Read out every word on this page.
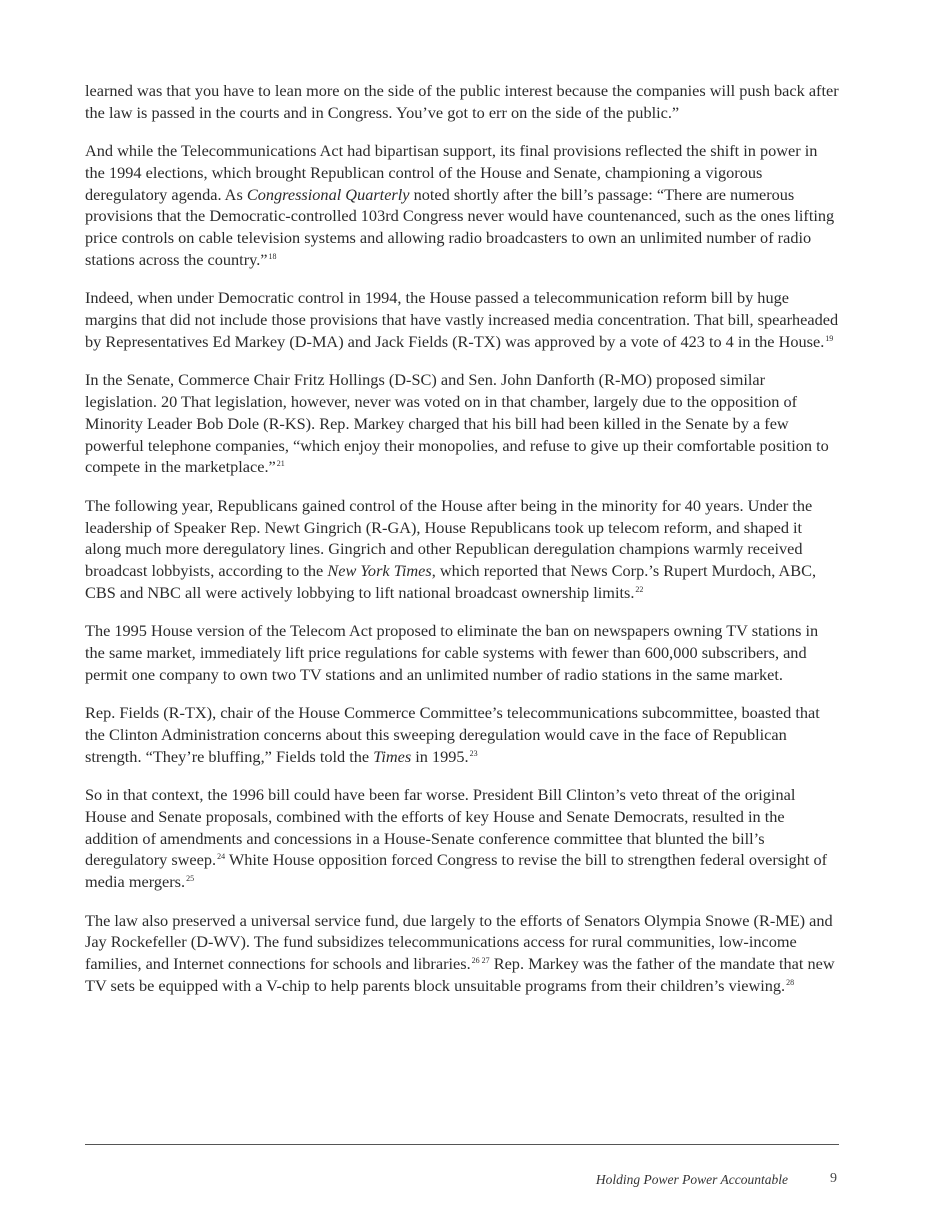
learned was that you have to lean more on the side of the public interest because the companies will push back after the law is passed in the courts and in Congress. You’ve got to err on the side of the public.”

And while the Telecommunications Act had bipartisan support, its final provisions reflected the shift in power in the 1994 elections, which brought Republican control of the House and Senate, championing a vigorous deregulatory agenda. As Congressional Quarterly noted shortly after the bill’s passage: “There are numerous provisions that the Democratic-controlled 103rd Congress never would have countenanced, such as the ones lifting price controls on cable television systems and allowing radio broadcasters to own an unlimited number of radio stations across the country.”$^{18}$

Indeed, when under Democratic control in 1994, the House passed a telecommunication reform bill by huge margins that did not include those provisions that have vastly increased media concentration. That bill, spearheaded by Representatives Ed Markey (D-MA) and Jack Fields (R-TX) was approved by a vote of 423 to 4 in the House.$^{19}$

In the Senate, Commerce Chair Fritz Hollings (D-SC) and Sen. John Danforth (R-MO) proposed similar legislation. 20 That legislation, however, never was voted on in that chamber, largely due to the opposition of Minority Leader Bob Dole (R-KS). Rep. Markey charged that his bill had been killed in the Senate by a few powerful telephone companies, “which enjoy their monopolies, and refuse to give up their comfortable position to compete in the marketplace.”$^{21}$

The following year, Republicans gained control of the House after being in the minority for 40 years. Under the leadership of Speaker Rep. Newt Gingrich (R-GA), House Republicans took up telecom reform, and shaped it along much more deregulatory lines. Gingrich and other Republican deregulation champions warmly received broadcast lobbyists, according to the New York Times, which reported that News Corp.’s Rupert Murdoch, ABC, CBS and NBC all were actively lobbying to lift national broadcast ownership limits.$^{22}$

The 1995 House version of the Telecom Act proposed to eliminate the ban on newspapers owning TV stations in the same market, immediately lift price regulations for cable systems with fewer than 600,000 subscribers, and permit one company to own two TV stations and an unlimited number of radio stations in the same market.

Rep. Fields (R-TX), chair of the House Commerce Committee’s telecommunications subcommittee, boasted that the Clinton Administration concerns about this sweeping deregulation would cave in the face of Republican strength. “They’re bluffing,” Fields told the Times in 1995.23

So in that context, the 1996 bill could have been far worse. President Bill Clinton’s veto threat of the original House and Senate proposals, combined with the efforts of key House and Senate Democrats, resulted in the addition of amendments and concessions in a House-Senate conference committee that blunted the bill’s deregulatory sweep.$^{24}$ White House opposition forced Congress to revise the bill to strengthen federal oversight of media mergers.$^{25}$

The law also preserved a universal service fund, due largely to the efforts of Senators Olympia Snowe (R-ME) and Jay Rockefeller (D-WV). The fund subsidizes telecommunications access for rural communities, low-income families, and Internet connections for schools and libraries.$^{26 27}$ Rep. Markey was the father of the mandate that new TV sets be equipped with a V-chip to help parents block unsuitable programs from their children’s viewing.$^{28}$

Holding Power Power Accountable	9
